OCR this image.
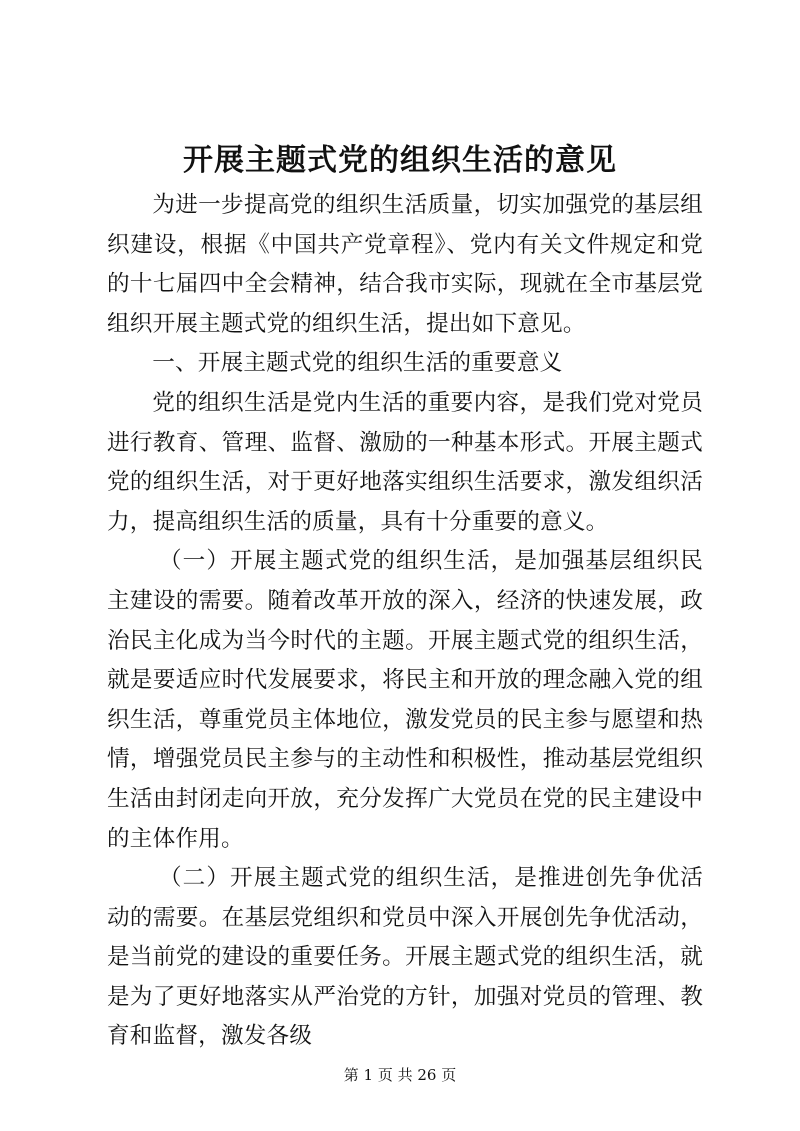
开展主题式党的组织生活的意见

为进一步提高党的组织生活质量，切实加强党的基层组织建设，根据《中国共产党章程》、党内有关文件规定和党的十七届四中全会精神，结合我市实际，现就在全市基层党组织开展主题式党的组织生活，提出如下意见。

一、开展主题式党的组织生活的重要意义

党的组织生活是党内生活的重要内容，是我们党对党员进行教育、管理、监督、激励的一种基本形式。开展主题式党的组织生活，对于更好地落实组织生活要求，激发组织活力，提高组织生活的质量，具有十分重要的意义。

（一）开展主题式党的组织生活，是加强基层组织民主建设的需要。随着改革开放的深入，经济的快速发展，政治民主化成为当今时代的主题。开展主题式党的组织生活，就是要适应时代发展要求，将民主和开放的理念融入党的组织生活，尊重党员主体地位，激发党员的民主参与愿望和热情，增强党员民主参与的主动性和积极性，推动基层党组织生活由封闭走向开放，充分发挥广大党员在党的民主建设中的主体作用。

（二）开展主题式党的组织生活，是推进创先争优活动的需要。在基层党组织和党员中深入开展创先争优活动，是当前党的建设的重要任务。开展主题式党的组织生活，就是为了更好地落实从严治党的方针，加强对党员的管理、教育和监督，激发各级

第 1 页 共 26 页
